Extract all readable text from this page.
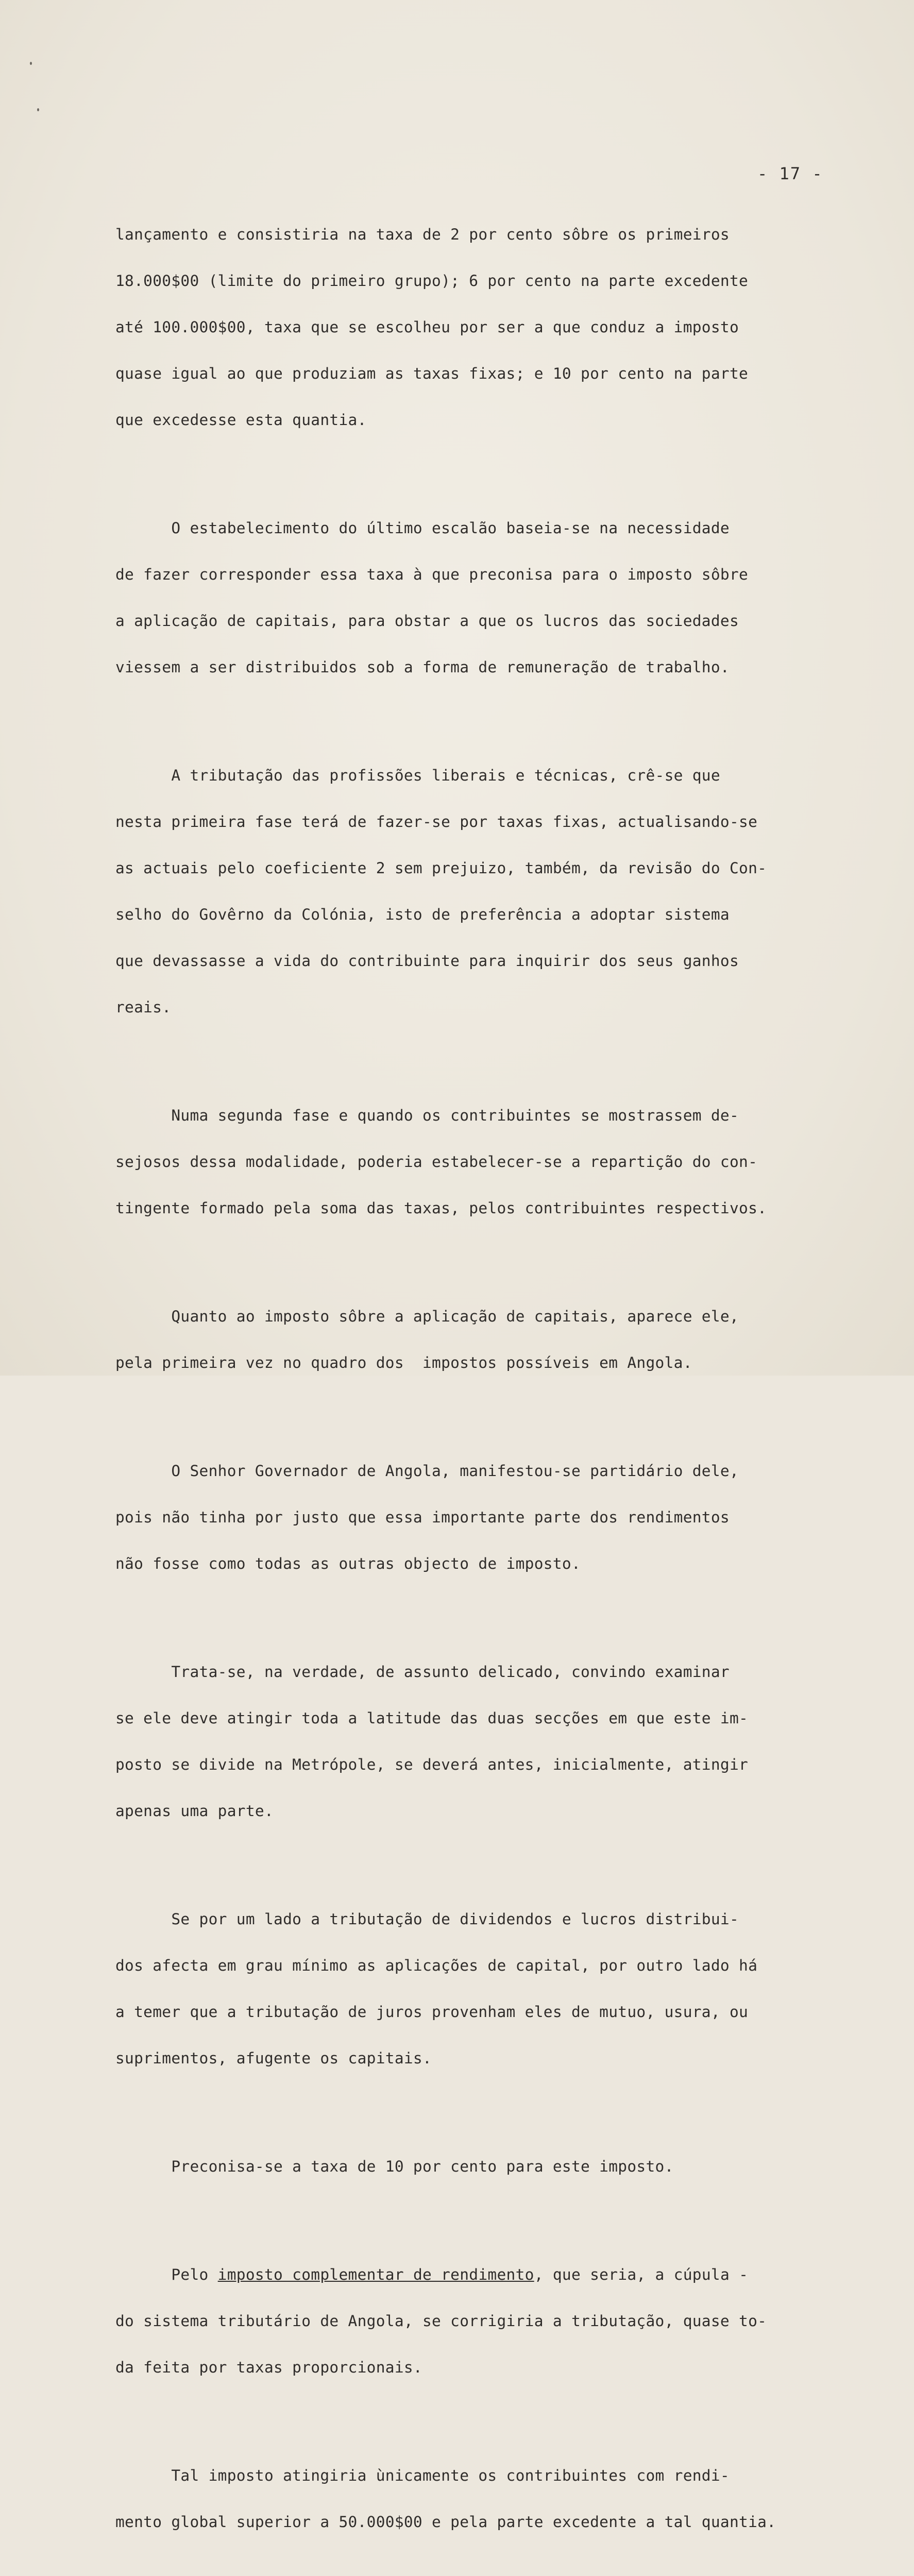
- 17 -

lançamento e consistiria na taxa de 2 por cento sôbre os primeiros

18.000$00 (limite do primeiro grupo); 6 por cento na parte excedente

até 100.000$00, taxa que se escolheu por ser a que conduz a imposto

quase igual ao que produziam as taxas fixas; e 10 por cento na parte

que excedesse esta quantia.

O estabelecimento do último escalão baseia-se na necessidade

de fazer corresponder essa taxa à que preconisa para o imposto sôbre

a aplicação de capitais, para obstar a que os lucros das sociedades

viessem a ser distribuidos sob a forma de remuneração de trabalho.

A tributação das profissões liberais e técnicas, crê-se que

nesta primeira fase terá de fazer-se por taxas fixas, actualisando-se

as actuais pelo coeficiente 2 sem prejuizo, também, da revisão do Con-

selho do Govêrno da Colónia, isto de preferência a adoptar sistema

que devassasse a vida do contribuinte para inquirir dos seus ganhos

reais.

Numa segunda fase e quando os contribuintes se mostrassem de-

sejosos dessa modalidade, poderia estabelecer-se a repartição do con-

tingente formado pela soma das taxas, pelos contribuintes respectivos.

Quanto ao imposto sôbre a aplicação de capitais, aparece ele,

pela primeira vez no quadro dos  impostos possíveis em Angola.

O Senhor Governador de Angola, manifestou-se partidário dele,

pois não tinha por justo que essa importante parte dos rendimentos

não fosse como todas as outras objecto de imposto.

Trata-se, na verdade, de assunto delicado, convindo examinar

se ele deve atingir toda a latitude das duas secções em que este im-

posto se divide na Metrópole, se deverá antes, inicialmente, atingir

apenas uma parte.

Se por um lado a tributação de dividendos e lucros distribui-

dos afecta em grau mínimo as aplicações de capital, por outro lado há

a temer que a tributação de juros provenham eles de mutuo, usura, ou

suprimentos, afugente os capitais.

Preconisa-se a taxa de 10 por cento para este imposto.

Pelo imposto complementar de rendimento, que seria, a cúpula -

do sistema tributário de Angola, se corrigiria a tributação, quase to-

da feita por taxas proporcionais.

Tal imposto atingiria ùnicamente os contribuintes com rendi-

mento global superior a 50.000$00 e pela parte excedente a tal quantia.
